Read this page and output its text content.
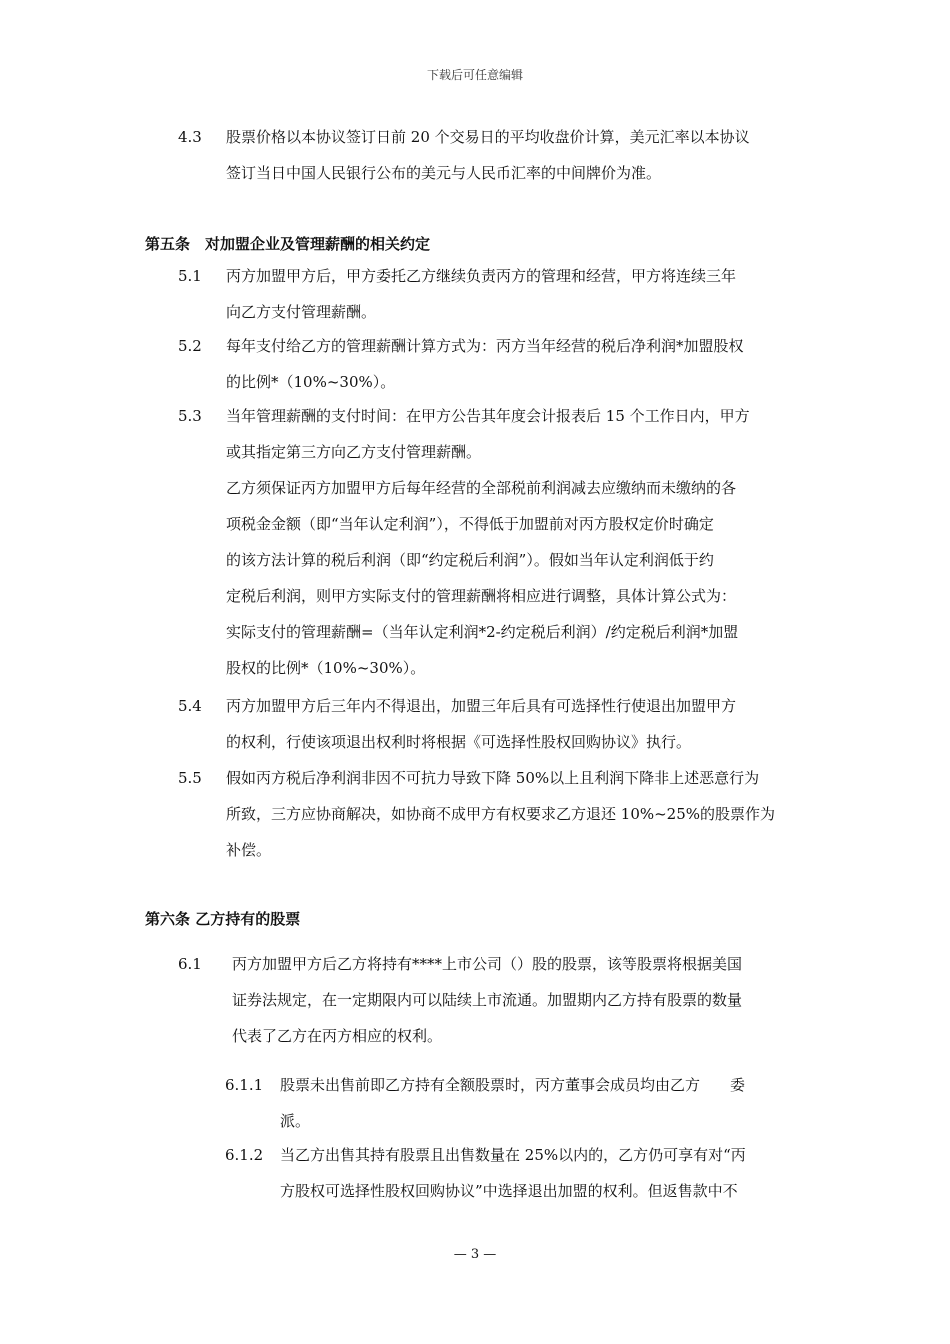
下载后可任意编辑
4.3 股票价格以本协议签订日前 20 个交易日的平均收盘价计算，美元汇率以本协议
签订当日中国人民银行公布的美元与人民币汇率的中间牌价为准。
第五条　对加盟企业及管理薪酬的相关约定
5.1 丙方加盟甲方后，甲方委托乙方继续负责丙方的管理和经营，甲方将连续三年
向乙方支付管理薪酬。
5.2 每年支付给乙方的管理薪酬计算方式为：丙方当年经营的税后净利润*加盟股权
的比例*（10%~30%）。
5.3 当年管理薪酬的支付时间：在甲方公告其年度会计报表后 15 个工作日内，甲方
或其指定第三方向乙方支付管理薪酬。
乙方须保证丙方加盟甲方后每年经营的全部税前利润减去应缴纳而未缴纳的各
项税金金额（即“当年认定利润”），不得低于加盟前对丙方股权定价时确定
的该方法计算的税后利润（即“约定税后利润”）。假如当年认定利润低于约
定税后利润，则甲方实际支付的管理薪酬将相应进行调整，具体计算公式为：
实际支付的管理薪酬=（当年认定利润*2-约定税后利润）/约定税后利润*加盟
股权的比例*（10%~30%）。
5.4 丙方加盟甲方后三年内不得退出，加盟三年后具有可选择性行使退出加盟甲方
的权利，行使该项退出权利时将根据《可选择性股权回购协议》执行。
5.5 假如丙方税后净利润非因不可抗力导致下降 50%以上且利润下降非上述恶意行为
所致，三方应协商解决，如协商不成甲方有权要求乙方退还 10%~25%的股票作为
补偿。
第六条 乙方持有的股票
6.1 丙方加盟甲方后乙方将持有****上市公司（）股的股票，该等股票将根据美国
证券法规定，在一定期限内可以陆续上市流通。加盟期内乙方持有股票的数量
代表了乙方在丙方相应的权利。
6.1.1 股票未出售前即乙方持有全额股票时，丙方董事会成员均由乙方　　委
派。
6.1.2 当乙方出售其持有股票且出售数量在 25%以内的，乙方仍可享有对“丙
方股权可选择性股权回购协议”中选择退出加盟的权利。但返售款中不
— 3 —
